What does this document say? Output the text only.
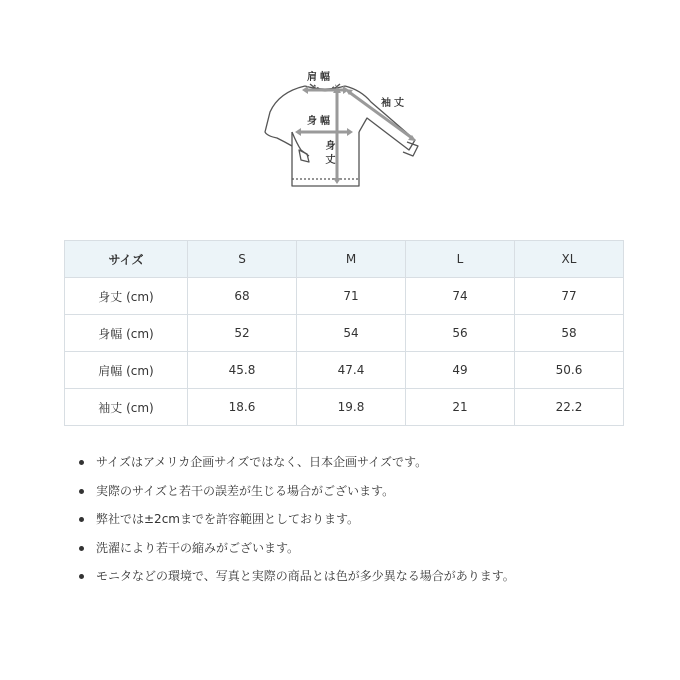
肩幅
袖丈
身幅
身丈
サイズ	S	M	L	XL
身丈 (cm)	68	71	74	77
身幅 (cm)	52	54	56	58
肩幅 (cm)	45.8	47.4	49	50.6
袖丈 (cm)	18.6	19.8	21	22.2
サイズはアメリカ企画サイズではなく、日本企画サイズです。
実際のサイズと若干の誤差が生じる場合がございます。
弊社では±2cmまでを許容範囲としております。
洗濯により若干の縮みがございます。
モニタなどの環境で、写真と実際の商品とは色が多少異なる場合があります。
